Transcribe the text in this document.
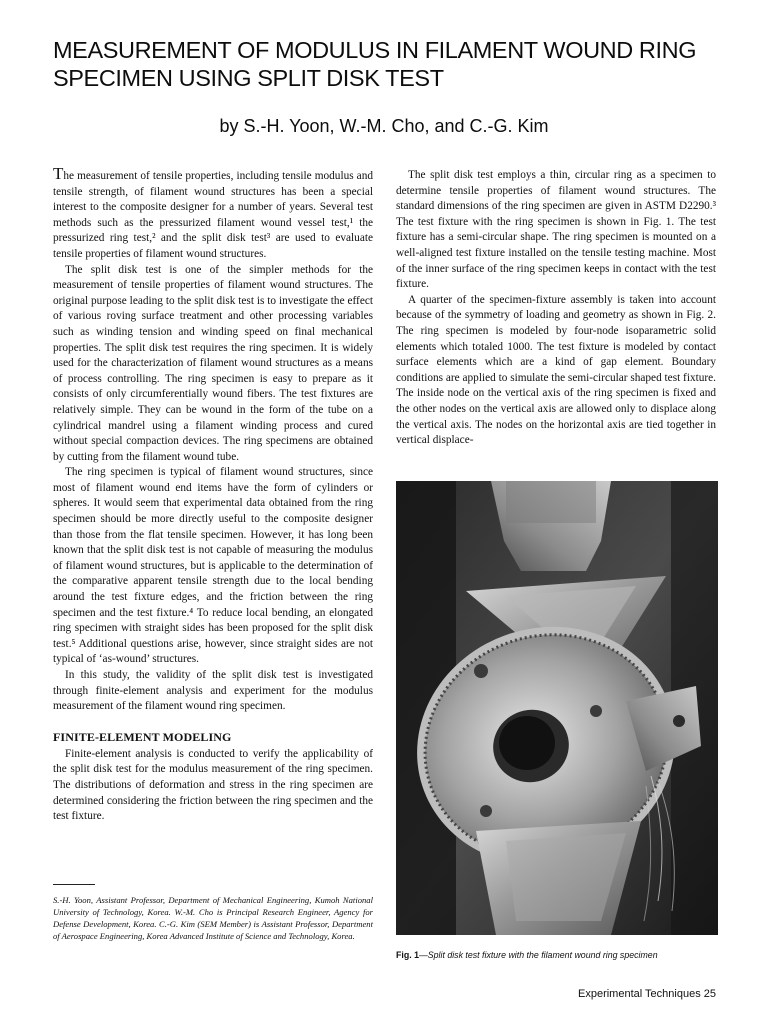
MEASUREMENT OF MODULUS IN FILAMENT WOUND RING SPECIMEN USING SPLIT DISK TEST

by S.-H. Yoon, W.-M. Cho, and C.-G. Kim

The measurement of tensile properties, including tensile modulus and tensile strength, of filament wound structures has been a special interest to the composite designer for a number of years. Several test methods such as the pressurized filament wound vessel test,¹ the pressurized ring test,² and the split disk test³ are used to evaluate tensile properties of filament wound structures.

The split disk test is one of the simpler methods for the measurement of tensile properties of filament wound structures. The original purpose leading to the split disk test is to investigate the effect of various roving surface treatment and other processing variables such as winding tension and winding speed on final mechanical properties. The split disk test requires the ring specimen. It is widely used for the characterization of filament wound structures as a means of process controlling. The ring specimen is easy to prepare as it consists of only circumferentially wound fibers. The test fixtures are relatively simple. They can be wound in the form of the tube on a cylindrical mandrel using a filament winding process and cured without special compaction devices. The ring specimens are obtained by cutting from the filament wound tube.

The ring specimen is typical of filament wound structures, since most of filament wound end items have the form of cylinders or spheres. It would seem that experimental data obtained from the ring specimen should be more directly useful to the composite designer than those from the flat tensile specimen. However, it has long been known that the split disk test is not capable of measuring the modulus of filament wound structures, but is applicable to the determination of the comparative apparent tensile strength due to the local bending around the test fixture edges, and the friction between the ring specimen and the test fixture.⁴ To reduce local bending, an elongated ring specimen with straight sides has been proposed for the split disk test.⁵ Additional questions arise, however, since straight sides are not typical of ‘as-wound’ structures.

In this study, the validity of the split disk test is investigated through finite-element analysis and experiment for the modulus measurement of the filament wound ring specimen.

FINITE-ELEMENT MODELING

Finite-element analysis is conducted to verify the applicability of the split disk test for the modulus measurement of the ring specimen. The distributions of deformation and stress in the ring specimen are determined considering the friction between the ring specimen and the test fixture.

S.-H. Yoon, Assistant Professor, Department of Mechanical Engineering, Kumoh National University of Technology, Korea. W.-M. Cho is Principal Research Engineer, Agency for Defense Development, Korea. C.-G. Kim (SEM Member) is Assistant Professor, Department of Aerospace Engineering, Korea Advanced Institute of Science and Technology, Korea.

The split disk test employs a thin, circular ring as a specimen to determine tensile properties of filament wound structures. The standard dimensions of the ring specimen are given in ASTM D2290.³ The test fixture with the ring specimen is shown in Fig. 1. The test fixture has a semi-circular shape. The ring specimen is mounted on a well-aligned test fixture installed on the tensile testing machine. Most of the inner surface of the ring specimen keeps in contact with the test fixture.

A quarter of the specimen-fixture assembly is taken into account because of the symmetry of loading and geometry as shown in Fig. 2. The ring specimen is modeled by four-node isoparametric solid elements which totaled 1000. The test fixture is modeled by contact surface elements which are a kind of gap element. Boundary conditions are applied to simulate the semi-circular shaped test fixture. The inside node on the vertical axis of the ring specimen is fixed and the other nodes on the vertical axis are allowed only to displace along the vertical axis. The nodes on the horizontal axis are tied together in vertical displace-

Fig. 1—Split disk test fixture with the filament wound ring specimen

Experimental Techniques 25
